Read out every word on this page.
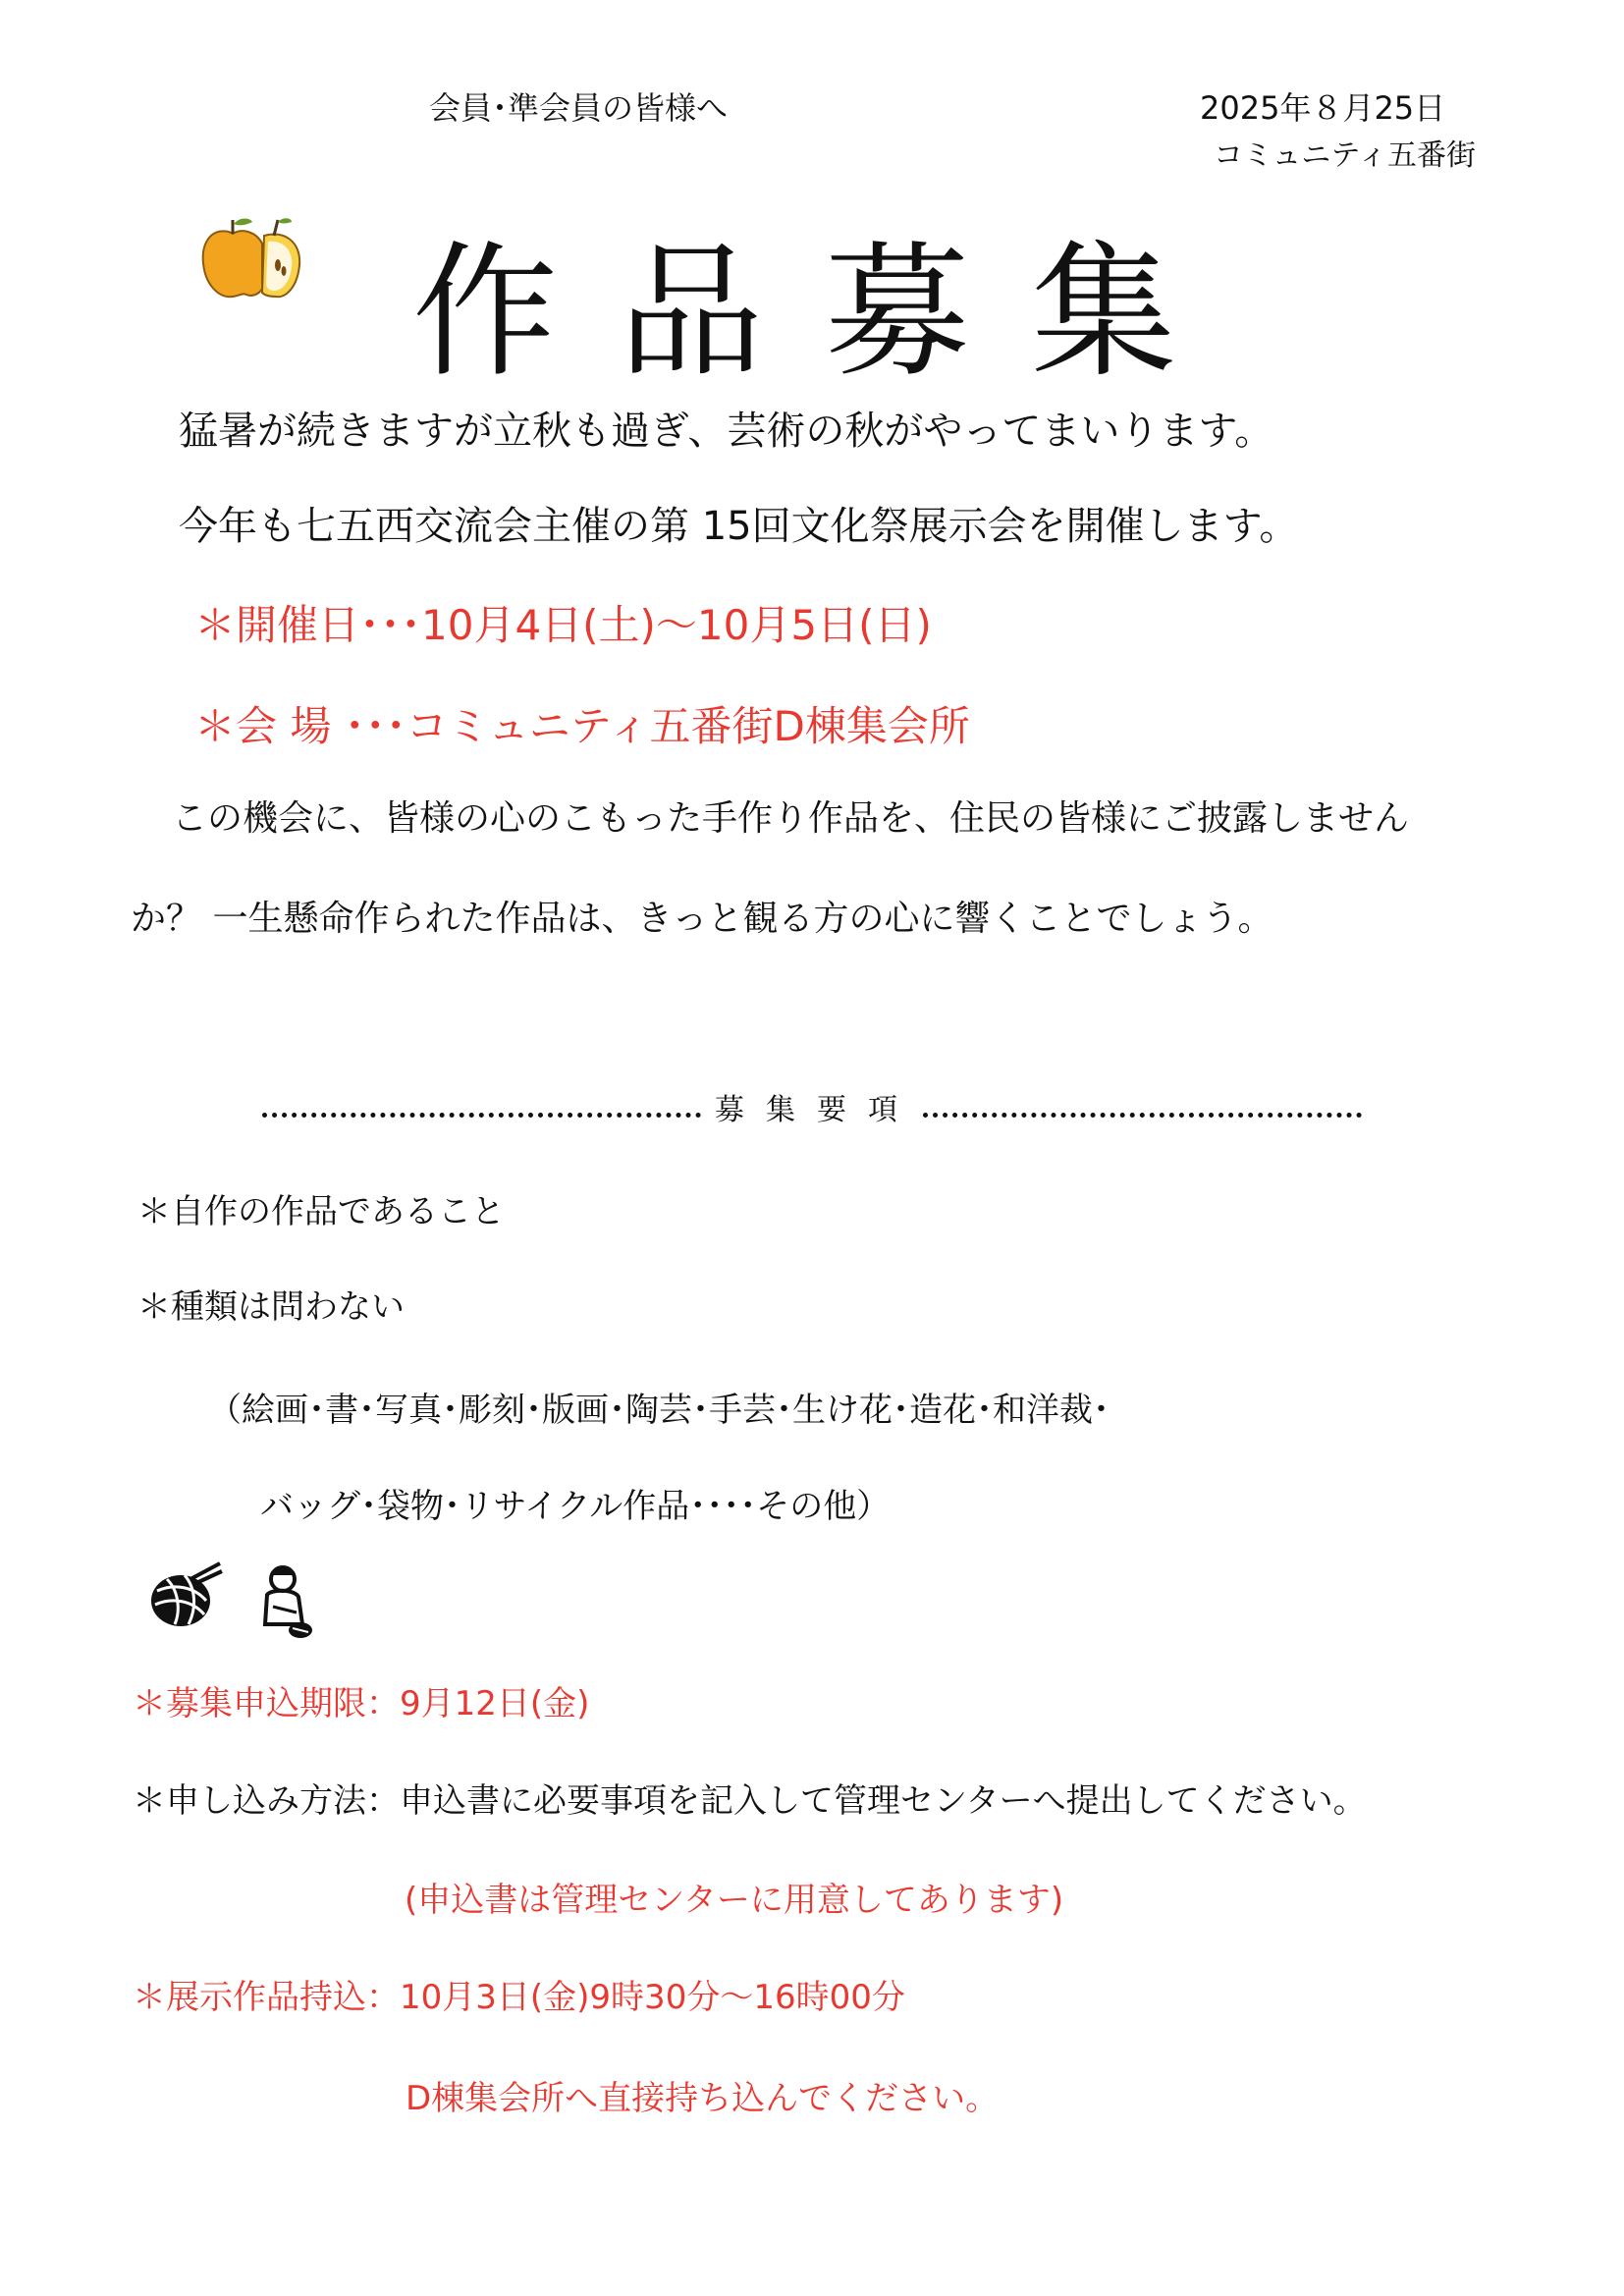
会員･準会員の皆様へ	2025年８月25日
コミュニティ五番街
作品募集
猛暑が続きますが立秋も過ぎ、芸術の秋がやってまいります。
今年も七五西交流会主催の第 15回文化祭展示会を開催します。
＊開催日･･･10月4日(土)～10月5日(日)
＊会 場 ･･･コミュニティ五番街D棟集会所
この機会に、皆様の心のこもった手作り作品を、住民の皆様にご披露しません
か？ 一生懸命作られた作品は、きっと観る方の心に響くことでしょう。
募集要項
＊自作の作品であること
＊種類は問わない
（絵画･書･写真･彫刻･版画･陶芸･手芸･生け花･造花･和洋裁･
バッグ･袋物･リサイクル作品････その他）
＊募集申込期限：9月12日(金)
＊申し込み方法：申込書に必要事項を記入して管理センターへ提出してください。
(申込書は管理センターに用意してあります)
＊展示作品持込：10月3日(金)9時30分～16時00分
D棟集会所へ直接持ち込んでください。
